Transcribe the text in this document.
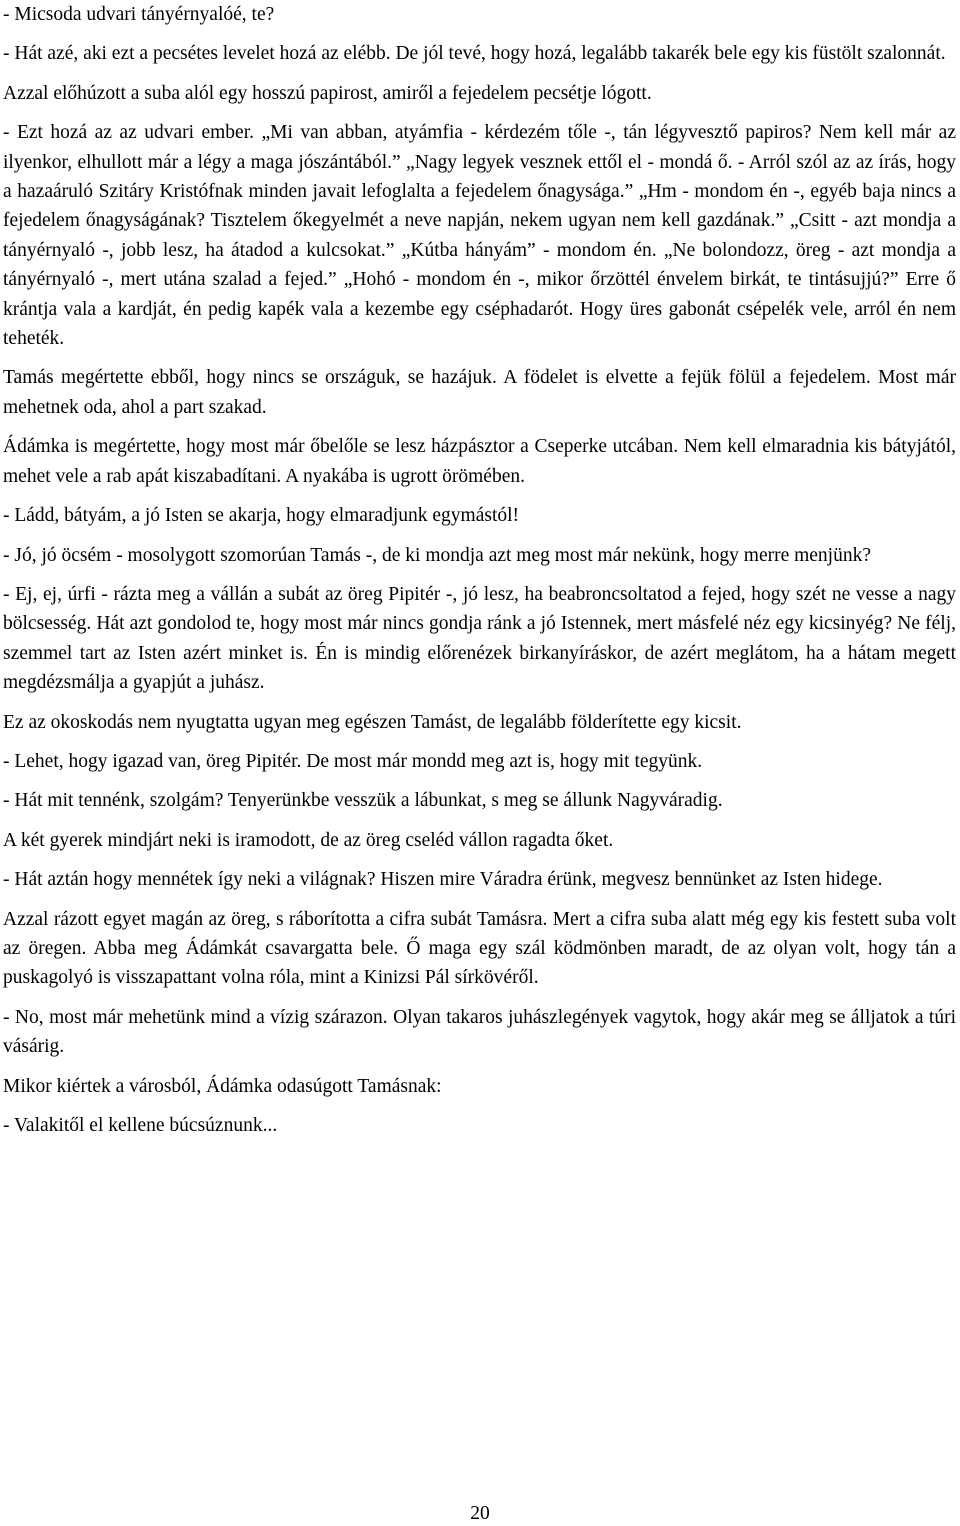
- Micsoda udvari tányérnyalóé, te?

- Hát azé, aki ezt a pecsétes levelet hozá az elébb. De jól tevé, hogy hozá, legalább takarék bele egy kis füstölt szalonnát.

Azzal előhúzott a suba alól egy hosszú papirost, amiről a fejedelem pecsétje lógott.

- Ezt hozá az az udvari ember. „Mi van abban, atyámfia - kérdezém tőle -, tán légyvesztő papiros? Nem kell már az ilyenkor, elhullott már a légy a maga jószántából.” „Nagy legyek vesznek ettől el - mondá ő. - Arról szól az az írás, hogy a hazaáruló Szitáry Kristófnak minden javait lefoglalta a fejedelem őnagysága.” „Hm - mondom én -, egyéb baja nincs a fejedelem őnagyságának? Tisztelem őkegyelmét a neve napján, nekem ugyan nem kell gazdának.” „Csitt - azt mondja a tányérnyaló -, jobb lesz, ha átadod a kulcsokat.” „Kútba hányám” - mondom én. „Ne bolondozz, öreg - azt mondja a tányérnyaló -, mert utána szalad a fejed.” „Hohó - mondom én -, mikor őrzöttél énvelem birkát, te tintásujjú?” Erre ő krántja vala a kardját, én pedig kapék vala a kezembe egy cséphadarót. Hogy üres gabonát csépelék vele, arról én nem teheték.

Tamás megértette ebből, hogy nincs se országuk, se hazájuk. A födelet is elvette a fejük fölül a fejedelem. Most már mehetnek oda, ahol a part szakad.

Ádámka is megértette, hogy most már őbelőle se lesz házpásztor a Cseperke utcában. Nem kell elmaradnia kis bátyjától, mehet vele a rab apát kiszabadítani. A nyakába is ugrott örömében.

- Ládd, bátyám, a jó Isten se akarja, hogy elmaradjunk egymástól!

- Jó, jó öcsém - mosolygott szomorúan Tamás -, de ki mondja azt meg most már nekünk, hogy merre menjünk?

- Ej, ej, úrfi - rázta meg a vállán a subát az öreg Pipitér -, jó lesz, ha beabroncsoltatod a fejed, hogy szét ne vesse a nagy bölcsesség. Hát azt gondolod te, hogy most már nincs gondja ránk a jó Istennek, mert másfelé néz egy kicsinyég? Ne félj, szemmel tart az Isten azért minket is. Én is mindig előrenézek birkanyíráskor, de azért meglátom, ha a hátam megett megdézsmálja a gyapjút a juhász.

Ez az okoskodás nem nyugtatta ugyan meg egészen Tamást, de legalább földerítette egy kicsit.

- Lehet, hogy igazad van, öreg Pipitér. De most már mondd meg azt is, hogy mit tegyünk.

- Hát mit tennénk, szolgám? Tenyerünkbe vesszük a lábunkat, s meg se állunk Nagyváradig.

A két gyerek mindjárt neki is iramodott, de az öreg cseléd vállon ragadta őket.

- Hát aztán hogy mennétek így neki a világnak? Hiszen mire Váradra érünk, megvesz bennünket az Isten hidege.

Azzal rázott egyet magán az öreg, s ráborította a cifra subát Tamásra. Mert a cifra suba alatt még egy kis festett suba volt az öregen. Abba meg Ádámkát csavargatta bele. Ő maga egy szál ködmönben maradt, de az olyan volt, hogy tán a puskagolyó is visszapattant volna róla, mint a Kinizsi Pál sírkövéről.

- No, most már mehetünk mind a vízig szárazon. Olyan takaros juhászlegények vagytok, hogy akár meg se álljatok a túri vásárig.

Mikor kiértek a városból, Ádámka odasúgott Tamásnak:

- Valakitől el kellene búcsúznunk...

20
